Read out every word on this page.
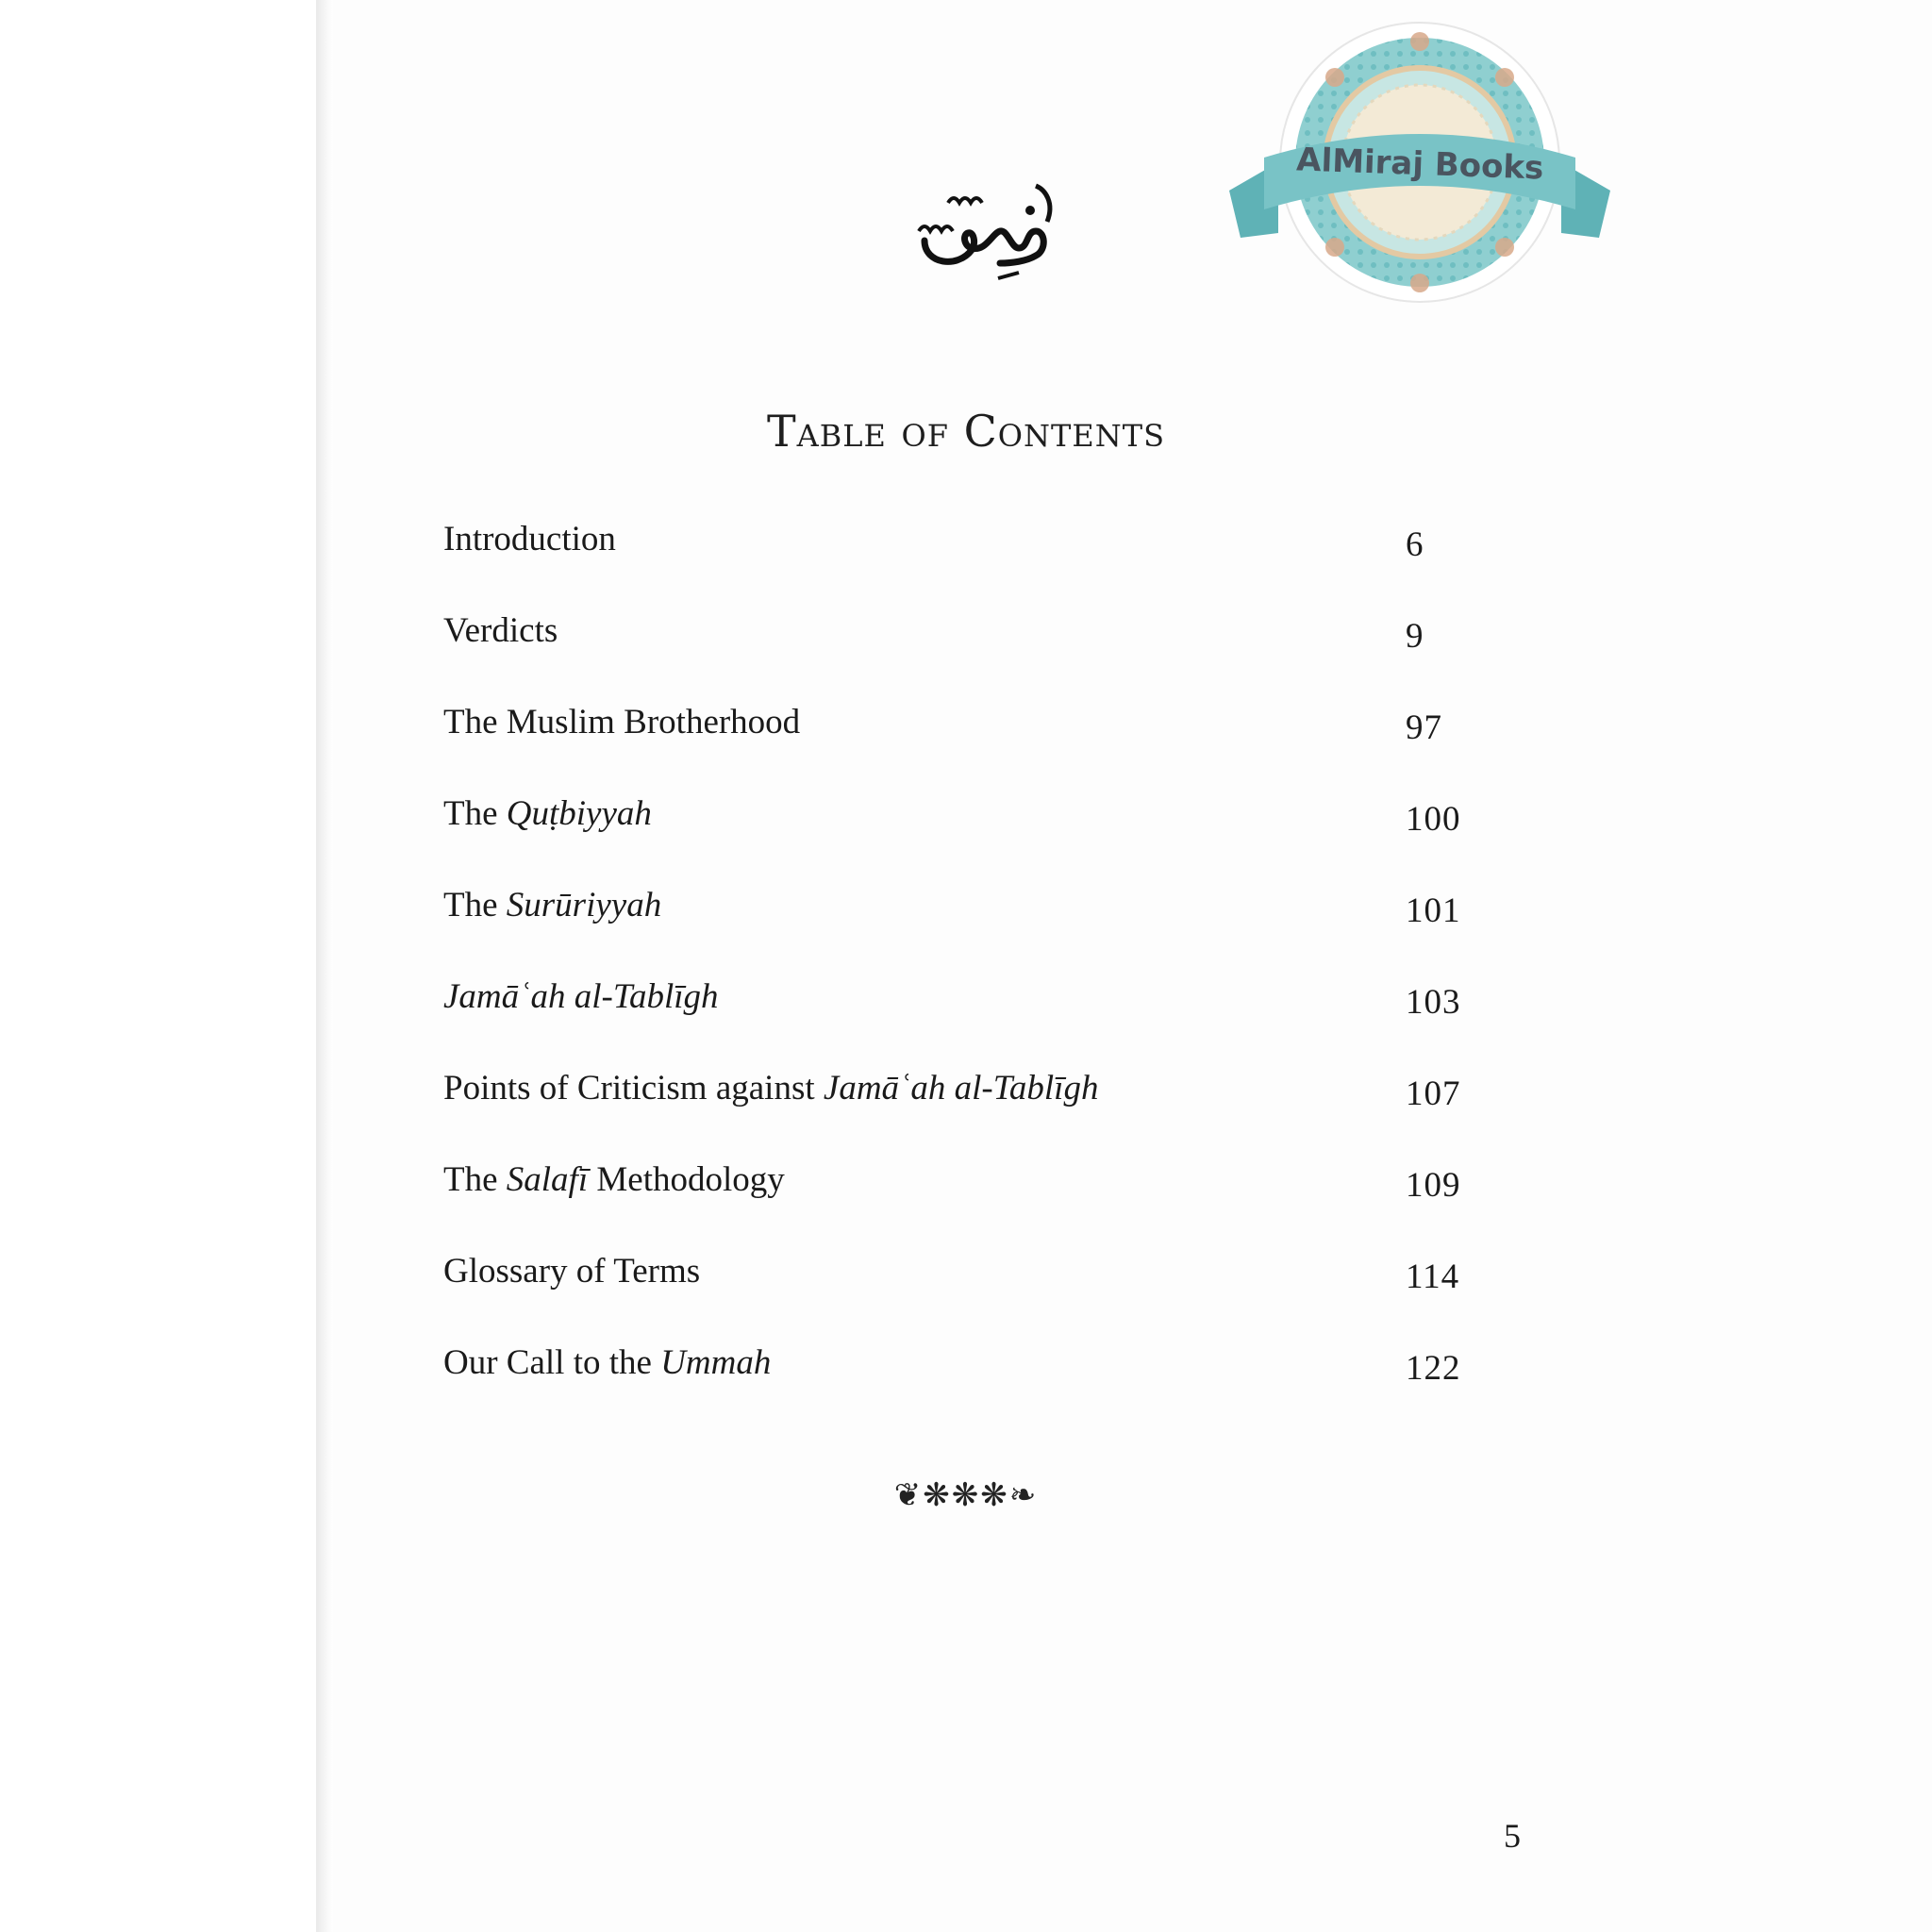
فهرس	AlMiraj Books
Table of Contents
Introduction	6
Verdicts	9
The Muslim Brotherhood	97
The Quṭbiyyah	100
The Surūriyyah	101
Jamāʿah al-Tablīgh	103
Points of Criticism against Jamāʿah al-Tablīgh	107
The Salafī Methodology	109
Glossary of Terms	114
Our Call to the Ummah	122
❦❋❋❋❧
5
